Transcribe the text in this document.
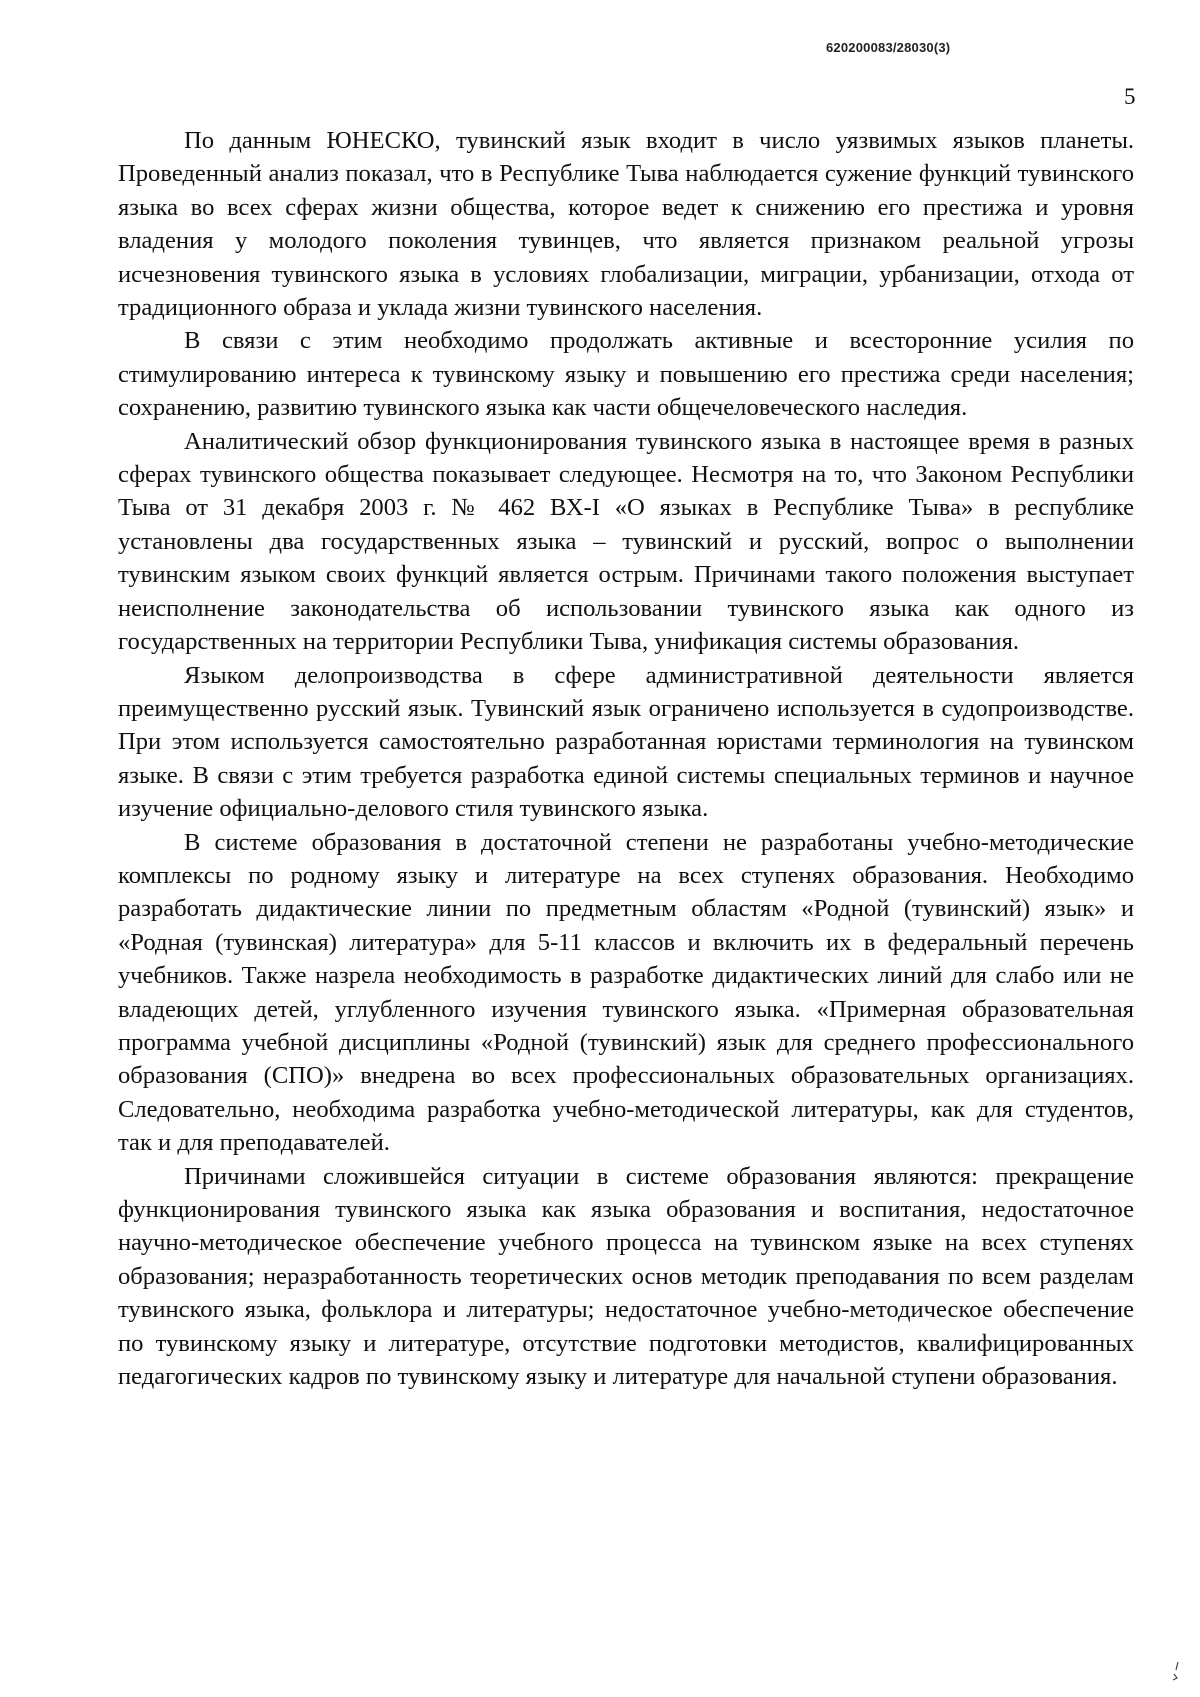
620200083/28030(3)
5

По данным ЮНЕСКО, тувинский язык входит в число уязвимых языков планеты. Проведенный анализ показал, что в Республике Тыва наблюдается сужение функций тувинского языка во всех сферах жизни общества, которое ведет к снижению его престижа и уровня владения у молодого поколения тувинцев, что является признаком реальной угрозы исчезновения тувинского языка в условиях глобализации, миграции, урбанизации, отхода от традиционного образа и уклада жизни тувинского населения.

В связи с этим необходимо продолжать активные и всесторонние усилия по стимулированию интереса к тувинскому языку и повышению его престижа среди населения; сохранению, развитию тувинского языка как части общечеловеческого наследия.

Аналитический обзор функционирования тувинского языка в настоящее время в разных сферах тувинского общества показывает следующее. Несмотря на то, что Законом Республики Тыва от 31 декабря 2003 г. № 462 ВХ-I «О языках в Республике Тыва» в республике установлены два государственных языка – тувинский и русский, вопрос о выполнении тувинским языком своих функций является острым. Причинами такого положения выступает неисполнение законодательства об использовании тувинского языка как одного из государственных на территории Республики Тыва, унификация системы образования.

Языком делопроизводства в сфере административной деятельности является преимущественно русский язык. Тувинский язык ограничено используется в судопроизводстве. При этом используется самостоятельно разработанная юристами терминология на тувинском языке. В связи с этим требуется разработка единой системы специальных терминов и научное изучение официально-делового стиля тувинского языка.

В системе образования в достаточной степени не разработаны учебно-методические комплексы по родному языку и литературе на всех ступенях образования. Необходимо разработать дидактические линии по предметным областям «Родной (тувинский) язык» и «Родная (тувинская) литература» для 5-11 классов и включить их в федеральный перечень учебников. Также назрела необходимость в разработке дидактических линий для слабо или не владеющих детей, углубленного изучения тувинского языка. «Примерная образовательная программа учебной дисциплины «Родной (тувинский) язык для среднего профессионального образования (СПО)» внедрена во всех профессиональных образовательных организациях. Следовательно, необходима разработка учебно-методической литературы, как для студентов, так и для преподавателей.

Причинами сложившейся ситуации в системе образования являются: прекращение функционирования тувинского языка как языка образования и воспитания, недостаточное научно-методическое обеспечение учебного процесса на тувинском языке на всех ступенях образования; неразработанность теоретических основ методик преподавания по всем разделам тувинского языка, фольклора и литературы; недостаточное учебно-методическое обеспечение по тувинскому языку и литературе, отсутствие подготовки методистов, квалифицированных педагогических кадров по тувинскому языку и литературе для начальной ступени образования.
